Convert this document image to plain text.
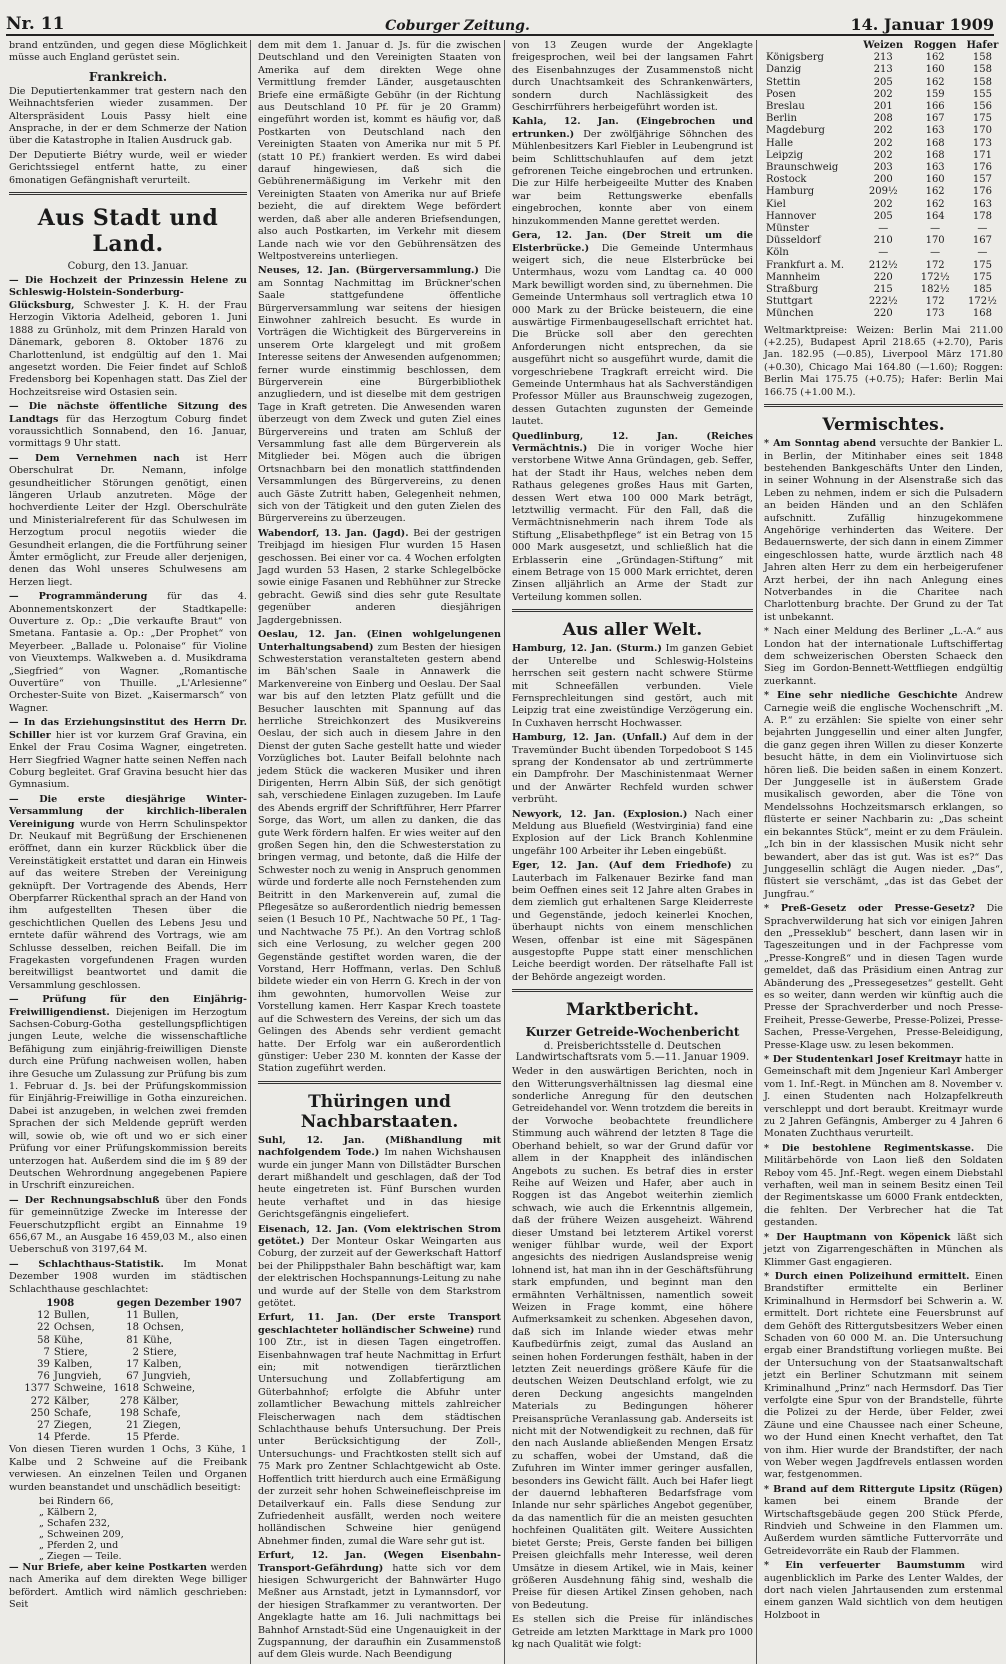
Nr. 11	Coburger Zeitung.	14. Januar 1909

brand entzünden, und gegen diese Möglichkeit müsse auch England gerüstet sein.

Frankreich.

Die Deputiertenkammer trat gestern nach den Weihnachtsferien wieder zusammen. Der Alterspräsident Louis Passy hielt eine Ansprache, in der er dem Schmerze der Nation über die Katastrophe in Italien Ausdruck gab.

Der Deputierte Biétry wurde, weil er wieder Gerichtssiegel entfernt hatte, zu einer 6monatigen Gefängnishaft verurteilt.

Aus Stadt und Land.
Coburg, den 13. Januar.

— Die Hochzeit der Prinzessin Helene zu Schleswig-Holstein-Sonderburg-Glücksburg, Schwester J. K. H. der Frau Herzogin Viktoria Adelheid, geboren 1. Juni 1888 zu Grünholz, mit dem Prinzen Harald von Dänemark, geboren 8. Oktober 1876 zu Charlottenlund, ist endgültig auf den 1. Mai angesetzt worden. Die Feier findet auf Schloß Fredensborg bei Kopenhagen statt. Das Ziel der Hochzeitsreise wird Ostasien sein.

— Die nächste öffentliche Sitzung des Landtags für das Herzogtum Coburg findet voraussichtlich Sonnabend, den 16. Januar, vormittags 9 Uhr statt.

— Dem Vernehmen nach ist Herr Oberschulrat Dr. Nemann, infolge gesundheitlicher Störungen genötigt, einen längeren Urlaub anzutreten. Möge der hochverdiente Leiter der Hzgl. Oberschulräte und Ministerialreferent für das Schulwesen im Herzogtum procul negotiis wieder die Gesundheit erlangen, die die Fortführung seiner Ämter ermöglicht, zur Freude aller derjenigen, denen das Wohl unseres Schulwesens am Herzen liegt.

— Programmänderung für das 4. Abonnementskonzert der Stadtkapelle: Ouverture z. Op.: „Die verkaufte Braut“ von Smetana. Fantasie a. Op.: „Der Prophet“ von Meyerbeer. „Ballade u. Polonaise“ für Violine von Vieuxtemps. Walkweben a. d. Musikdrama „Siegfried“ von Wagner. „Romantische Ouvertüre“ von Thuille. „L'Arlesienne“ Orchester-Suite von Bizet. „Kaisermarsch“ von Wagner.

— In das Erziehungsinstitut des Herrn Dr. Schiller hier ist vor kurzem Graf Gravina, ein Enkel der Frau Cosima Wagner, eingetreten. Herr Siegfried Wagner hatte seinen Neffen nach Coburg begleitet. Graf Gravina besucht hier das Gymnasium.

— Die erste diesjährige Winter-Versammlung der kirchlich-liberalen Vereinigung wurde von Herrn Schulinspektor Dr. Neukauf mit Begrüßung der Erschienenen eröffnet, dann ein kurzer Rückblick über die Vereinstätigkeit erstattet und daran ein Hinweis auf das weitere Streben der Vereinigung geknüpft. Der Vortragende des Abends, Herr Oberpfarrer Rückenthal sprach an der Hand von ihm aufgestellten Thesen über die geschichtlichen Quellen des Lebens Jesu und erntete dafür während des Vortrags, wie am Schlusse desselben, reichen Beifall. Die im Fragekasten vorgefundenen Fragen wurden bereitwilligst beantwortet und damit die Versammlung geschlossen.

— Prüfung für den Einjährig-Freiwilligendienst. Diejenigen im Herzogtum Sachsen-Coburg-Gotha gestellungspflichtigen jungen Leute, welche die wissenschaftliche Befähigung zum einjährig-freiwilligen Dienste durch eine Prüfung nachweisen wollen, haben ihre Gesuche um Zulassung zur Prüfung bis zum 1. Februar d. Js. bei der Prüfungskommission für Einjährig-Freiwillige in Gotha einzureichen. Dabei ist anzugeben, in welchen zwei fremden Sprachen der sich Meldende geprüft werden will, sowie ob, wie oft und wo er sich einer Prüfung vor einer Prüfungskommission bereits unterzogen hat. Außerdem sind die im § 89 der Deutschen Wehrordnung angegebenen Papiere in Urschrift einzureichen.

— Der Rechnungsabschluß über den Fonds für gemeinnützige Zwecke im Interesse der Feuerschutzpflicht ergibt an Einnahme 19 656,67 M., an Ausgabe 16 459,03 M., also einen Ueberschuß von 3197,64 M.

— Schlachthaus-Statistik. Im Monat Dezember 1908 wurden im städtischen Schlachthause geschlachtet:

1908		gegen Dezember 1907	
12	Bullen,	11	Bullen,
22	Ochsen,	18	Ochsen,
58	Kühe,	81	Kühe,
7	Stiere,	2	Stiere,
39	Kalben,	17	Kalben,
76	Jungvieh,	67	Jungvieh,
1377	Schweine,	1618	Schweine,
272	Kälber,	278	Kälber,
250	Schafe,	198	Schafe,
27	Ziegen,	21	Ziegen,
14	Pferde.	15	Pferde.

Von diesen Tieren wurden 1 Ochs, 3 Kühe, 1 Kalbe und 2 Schweine auf die Freibank verwiesen. An einzelnen Teilen und Organen wurden beanstandet und unschädlich beseitigt:

bei Rindern 66,
„ Kälbern 2,
„ Schafen 232,
„ Schweinen 209,
„ Pferden 2, und
„ Ziegen — Teile.

— Nur Briefe, aber keine Postkarten werden nach Amerika auf dem direkten Wege billiger befördert. Amtlich wird nämlich geschrieben: Seit

dem mit dem 1. Januar d. Js. für die zwischen Deutschland und den Vereinigten Staaten von Amerika auf dem direkten Wege ohne Vermittlung fremder Länder, ausgetauschten Briefe eine ermäßigte Gebühr (in der Richtung aus Deutschland 10 Pf. für je 20 Gramm) eingeführt worden ist, kommt es häufig vor, daß Postkarten von Deutschland nach den Vereinigten Staaten von Amerika nur mit 5 Pf. (statt 10 Pf.) frankiert werden. Es wird dabei darauf hingewiesen, daß sich die Gebührenermäßigung im Verkehr mit den Vereinigten Staaten von Amerika nur auf Briefe bezieht, die auf direktem Wege befördert werden, daß aber alle anderen Briefsendungen, also auch Postkarten, im Verkehr mit diesem Lande nach wie vor den Gebührensätzen des Weltpostvereins unterliegen.

Neuses, 12. Jan. (Bürgerversammlung.) Die am Sonntag Nachmittag im Brückner'schen Saale stattgefundene öffentliche Bürgerversammlung war seitens der hiesigen Einwohner zahlreich besucht. Es wurde in Vorträgen die Wichtigkeit des Bürgervereins in unserem Orte klargelegt und mit großem Interesse seitens der Anwesenden aufgenommen; ferner wurde einstimmig beschlossen, dem Bürgerverein eine Bürgerbibliothek anzugliedern, und ist dieselbe mit dem gestrigen Tage in Kraft getreten. Die Anwesenden waren überzeugt von dem Zweck und guten Ziel eines Bürgervereins und traten am Schluß der Versammlung fast alle dem Bürgerverein als Mitglieder bei. Mögen auch die übrigen Ortsnachbarn bei den monatlich stattfindenden Versammlungen des Bürgervereins, zu denen auch Gäste Zutritt haben, Gelegenheit nehmen, sich von der Tätigkeit und den guten Zielen des Bürgervereins zu überzeugen.

Wabendorf, 13. Jan. (Jagd). Bei der gestrigen Treibjagd im hiesigen Flur wurden 15 Hasen geschossen. Bei einer vor ca. 4 Wochen erfolgten Jagd wurden 53 Hasen, 2 starke Schlegelböcke sowie einige Fasanen und Rebhühner zur Strecke gebracht. Gewiß sind dies sehr gute Resultate gegenüber anderen diesjährigen Jagdergebnissen.

Oeslau, 12. Jan. (Einen wohlgelungenen Unterhaltungsabend) zum Besten der hiesigen Schwesterstation veranstalteten gestern abend im Bäh'schen Saale in Annawerk die Markenvereine von Einberg und Oeslau. Der Saal war bis auf den letzten Platz gefüllt und die Besucher lauschten mit Spannung auf das herrliche Streichkonzert des Musikvereins Oeslau, der sich auch in diesem Jahre in den Dienst der guten Sache gestellt hatte und wieder Vorzügliches bot. Lauter Beifall belohnte nach jedem Stück die wackeren Musiker und ihren Dirigenten, Herrn Albin Süß, der sich genötigt sah, verschiedene Einlagen zuzugeben. Im Laufe des Abends ergriff der Schriftführer, Herr Pfarrer Sorge, das Wort, um allen zu danken, die das gute Werk fördern halfen. Er wies weiter auf den großen Segen hin, den die Schwesterstation zu bringen vermag, und betonte, daß die Hilfe der Schwester noch zu wenig in Anspruch genommen würde und forderte alle noch Fernstehenden zum Beitritt in den Markenverein auf, zumal die Pflegesätze so außerordentlich niedrig bemessen seien (1 Besuch 10 Pf., Nachtwache 50 Pf., 1 Tag- und Nachtwache 75 Pf.). An den Vortrag schloß sich eine Verlosung, zu welcher gegen 200 Gegenstände gestiftet worden waren, die der Vorstand, Herr Hoffmann, verlas. Den Schluß bildete wieder ein von Herrn G. Krech in der von ihm gewohnten, humorvollen Weise zur Vorstellung kamen. Herr Kaspar Krech toastete auf die Schwestern des Vereins, der sich um das Gelingen des Abends sehr verdient gemacht hatte. Der Erfolg war ein außerordentlich günstiger: Ueber 230 M. konnten der Kasse der Station zugeführt werden.

Thüringen und Nachbarstaaten.

Suhl, 12. Jan. (Mißhandlung mit nachfolgendem Tode.) Im nahen Wichshausen wurde ein junger Mann von Dillstädter Burschen derart mißhandelt und geschlagen, daß der Tod heute eingetreten ist. Fünf Burschen wurden heute verhaftet und in das hiesige Gerichtsgefängnis eingeliefert.

Eisenach, 12. Jan. (Vom elektrischen Strom getötet.) Der Monteur Oskar Weingarten aus Coburg, der zurzeit auf der Gewerkschaft Hattorf bei der Philippsthaler Bahn beschäftigt war, kam der elektrischen Hochspannungs-Leitung zu nahe und wurde auf der Stelle von dem Starkstrom getötet.

Erfurt, 11. Jan. (Der erste Transport geschlachteter holländischer Schweine) rund 100 Ztr., ist in diesen Tagen eingetroffen. Eisenbahnwagen traf heute Nachmittag in Erfurt ein; mit notwendigen tierärztlichen Untersuchung und Zollabfertigung am Güterbahnhof; erfolgte die Abfuhr unter zollamtlicher Bewachung mittels zahlreicher Fleischerwagen nach dem städtischen Schlachthause behufs Untersuchung. Der Preis unter Berücksichtigung der Zoll-, Untersuchungs- und Frachtkosten stellt sich auf 75 Mark pro Zentner Schlachtgewicht ab Oste. Hoffentlich tritt hierdurch auch eine Ermäßigung der zurzeit sehr hohen Schweinefleischpreise im Detailverkauf ein. Falls diese Sendung zur Zufriedenheit ausfällt, werden noch weitere holländischen Schweine hier genügend Abnehmer finden, zumal die Ware sehr gut ist.

Erfurt, 12. Jan. (Wegen Eisenbahn-Transport-Gefährdung) hatte sich vor dem hiesigen Schwurgericht der Bahnwärter Hugo Meßner aus Arnstadt, jetzt in Lymannsdorf, vor der hiesigen Strafkammer zu verantworten. Der Angeklagte hatte am 16. Juli nachmittags bei Bahnhof Arnstadt-Süd eine Ungenauigkeit in der Zugspannung, der daraufhin ein Zusammenstoß auf dem Gleis wurde. Nach Beendigung

von 13 Zeugen wurde der Angeklagte freigesprochen, weil bei der langsamen Fahrt des Eisenbahnzuges der Zusammenstoß nicht durch Unachtsamkeit des Schrankenwärters, sondern durch Nachlässigkeit des Geschirrführers herbeigeführt worden ist.

Kahla, 12. Jan. (Eingebrochen und ertrunken.) Der zwölfjährige Söhnchen des Mühlenbesitzers Karl Fiebler in Leubengrund ist beim Schlittschuhlaufen auf dem jetzt gefrorenen Teiche eingebrochen und ertrunken. Die zur Hilfe herbeigeeilte Mutter des Knaben war beim Rettungswerke ebenfalls eingebrochen, konnte aber von einem hinzukommenden Manne gerettet werden.

Gera, 12. Jan. (Der Streit um die Elsterbrücke.) Die Gemeinde Untermhaus weigert sich, die neue Elsterbrücke bei Untermhaus, wozu vom Landtag ca. 40 000 Mark bewilligt worden sind, zu übernehmen. Die Gemeinde Untermhaus soll vertraglich etwa 10 000 Mark zu der Brücke beisteuern, die eine auswärtige Firmenbaugesellschaft errichtet hat. Die Brücke soll aber den gerechten Anforderungen nicht entsprechen, da sie ausgeführt nicht so ausgeführt wurde, damit die vorgeschriebene Tragkraft erreicht wird. Die Gemeinde Untermhaus hat als Sachverständigen Professor Müller aus Braunschweig zugezogen, dessen Gutachten zugunsten der Gemeinde lautet.

Quedlinburg, 12. Jan. (Reiches Vermächtnis.) Die in voriger Woche hier verstorbene Witwe Anna Gründagen, geb. Seffer, hat der Stadt ihr Haus, welches neben dem Rathaus gelegenes großes Haus mit Garten, dessen Wert etwa 100 000 Mark beträgt, letztwillig vermacht. Für den Fall, daß die Vermächtnisnehmerin nach ihrem Tode als Stiftung „Elisabethpflege“ ist ein Betrag von 15 000 Mark ausgesetzt, und schließlich hat die Erblasserin eine „Gründagen-Stiftung“ mit einem Betrage von 15 000 Mark errichtet, deren Zinsen alljährlich an Arme der Stadt zur Verteilung kommen sollen.

Aus aller Welt.

Hamburg, 12. Jan. (Sturm.) Im ganzen Gebiet der Unterelbe und Schleswig-Holsteins herrschen seit gestern nacht schwere Stürme mit Schneefällen verbunden. Viele Fernsprechleitungen sind gestört, auch mit Leipzig trat eine zweistündige Verzögerung ein. In Cuxhaven herrscht Hochwasser.

Hamburg, 12. Jan. (Unfall.) Auf dem in der Travemünder Bucht übenden Torpedoboot S 145 sprang der Kondensator ab und zertrümmerte ein Dampfrohr. Der Maschinistenmaat Werner und der Anwärter Rechfeld wurden schwer verbrüht.

Newyork, 12. Jan. (Explosion.) Nach einer Meldung aus Bluefield (Westvirginia) fand eine Explosion auf der Lick Branch Kohlenmine ungefähr 100 Arbeiter ihr Leben eingebüßt.

Eger, 12. Jan. (Auf dem Friedhofe) zu Lauterbach im Falkenauer Bezirke fand man beim Oeffnen eines seit 12 Jahre alten Grabes in dem ziemlich gut erhaltenen Sarge Kleiderreste und Gegenstände, jedoch keinerlei Knochen, überhaupt nichts von einem menschlichen Wesen, offenbar ist eine mit Sägespänen ausgestopfte Puppe statt einer menschlichen Leiche beerdigt worden. Der rätselhafte Fall ist der Behörde angezeigt worden.

Marktbericht.
Kurzer Getreide-Wochenbericht
d. Preisberichtsstelle d. Deutschen Landwirtschaftsrats vom 5.—11. Januar 1909.

Weder in den auswärtigen Berichten, noch in den Witterungsverhältnissen lag diesmal eine sonderliche Anregung für den deutschen Getreidehandel vor. Wenn trotzdem die bereits in der Vorwoche beobachtete freundlichere Stimmung auch während der letzten 8 Tage die Oberhand behielt, so war der Grund dafür vor allem in der Knappheit des inländischen Angebots zu suchen. Es betraf dies in erster Reihe auf Weizen und Hafer, aber auch in Roggen ist das Angebot weiterhin ziemlich schwach, wie auch die Erkenntnis allgemein, daß der frühere Weizen ausgeheizt. Während dieser Umstand bei letzterem Artikel vorerst weniger fühlbar wurde, weil der Export angesichts des niedrigen Auslandspreise wenig lohnend ist, hat man ihn in der Geschäftsführung stark empfunden, und beginnt man den ermähnten Verhältnissen, namentlich soweit Weizen in Frage kommt, eine höhere Aufmerksamkeit zu schenken. Abgesehen davon, daß sich im Inlande wieder etwas mehr Kaufbedürfnis zeigt, zumal das Ausland an seinen hohen Forderungen festhält, haben in der letzten Zeit neuerdings größere Käufe für die deutschen Weizen Deutschland erfolgt, wie zu deren Deckung angesichts mangelnden Materials zu Bedingungen höherer Preisansprüche Veranlassung gab. Anderseits ist nicht mit der Notwendigkeit zu rechnen, daß für den nach Auslande abließenden Mengen Ersatz zu schaffen, wobei der Umstand, daß die Zufuhren im Winter immer geringer ausfallen, besonders ins Gewicht fällt. Auch bei Hafer liegt der dauernd lebhafteren Bedarfsfrage vom Inlande nur sehr spärliches Angebot gegenüber, da das namentlich für die an meisten gesuchten hochfeinen Qualitäten gilt. Weitere Aussichten bietet Gerste; Preis, Gerste fanden bei billigen Preisen gleichfalls mehr Interesse, weil deren Umsätze in diesem Artikel, wie in Mais, keiner größeren Ausdehnung fähig sind, weshalb die Preise für diesen Artikel Zinsen gehoben, nach von Bedeutung.

Es stellen sich die Preise für inländisches Getreide am letzten Markttage in Mark pro 1000 kg nach Qualität wie folgt:

	Weizen	Roggen	Hafer
Königsberg	213	162	158
Danzig	213	160	158
Stettin	205	162	158
Posen	202	159	155
Breslau	201	166	156
Berlin	208	167	175
Magdeburg	202	163	170
Halle	202	168	173
Leipzig	202	168	171
Braunschweig	203	163	176
Rostock	200	160	157
Hamburg	209½	162	176
Kiel	202	162	163
Hannover	205	164	178
Münster	—	—	—
Düsseldorf	210	170	167
Köln	—	—	—
Frankfurt a. M.	212½	172	175
Mannheim	220	172½	175
Straßburg	215	182½	185
Stuttgart	222½	172	172½
München	220	173	168

Weltmarktpreise: Weizen: Berlin Mai 211.00 (+2.25), Budapest April 218.65 (+2.70), Paris Jan. 182.95 (—0.85), Liverpool März 171.80 (+0.30), Chicago Mai 164.80 (—1.60); Roggen: Berlin Mai 175.75 (+0.75); Hafer: Berlin Mai 166.75 (+1.00 M.).

Vermischtes.

* Am Sonntag abend versuchte der Bankier L. in Berlin, der Mitinhaber eines seit 1848 bestehenden Bankgeschäfts Unter den Linden, in seiner Wohnung in der Alsenstraße sich das Leben zu nehmen, indem er sich die Pulsadern an beiden Händen und an den Schläfen aufschnitt. Zufällig hinzugekommene Angehörige verhinderten das Weitere. Der Bedauernswerte, der sich dann in einem Zimmer eingeschlossen hatte, wurde ärztlich nach 48 Jahren alten Herr zu dem ein herbeigerufener Arzt herbei, der ihn nach Anlegung eines Notverbandes in die Charitee nach Charlottenburg brachte. Der Grund zu der Tat ist unbekannt.

* Nach einer Meldung des Berliner „L.-A.“ aus London hat der internationale Luftschiffertag dem schweizerischen Obersten Schaeck den Sieg im Gordon-Bennett-Wettfliegen endgültig zuerkannt.

* Eine sehr niedliche Geschichte Andrew Carnegie weiß die englische Wochenschrift „M. A. P.“ zu erzählen: Sie spielte von einer sehr bejahrten Junggesellin und einer alten Jungfer, die ganz gegen ihren Willen zu dieser Konzerte besucht hätte, in dem ein Violinvirtuose sich hören ließ. Die beiden saßen in einem Konzert. Der Junggeselle ist in äußerstem Grade musikalisch geworden, aber die Töne von Mendelssohns Hochzeitsmarsch erklangen, so flüsterte er seiner Nachbarin zu: „Das scheint ein bekanntes Stück“, meint er zu dem Fräulein. „Ich bin in der klassischen Musik nicht sehr bewandert, aber das ist gut. Was ist es?“ Das Junggesellin schlägt die Augen nieder. „Das“, flüstert sie verschämt, „das ist das Gebet der Jungfrau.“

* Preß-Gesetz oder Presse-Gesetz? Die Sprachverwilderung hat sich vor einigen Jahren den „Presseklub“ beschert, dann lasen wir in Tageszeitungen und in der Fachpresse vom „Presse-Kongreß“ und in diesen Tagen wurde gemeldet, daß das Präsidium einen Antrag zur Abänderung des „Pressegesetzes“ gestellt. Geht es so weiter, dann werden wir künftig auch die Presse der Sprachverderber und noch Presse-Freiheit, Presse-Gewerbe, Presse-Polizei, Presse-Sachen, Presse-Vergehen, Presse-Beleidigung, Presse-Klage usw. zu lesen bekommen.

* Der Studentenkarl Josef Kreitmayr hatte in Gemeinschaft mit dem Jngenieur Karl Amberger vom 1. Inf.-Regt. in München am 8. November v. J. einen Studenten nach Holzapfelkreuth verschleppt und dort beraubt. Kreitmayr wurde zu 2 Jahren Gefängnis, Amberger zu 4 Jahren 6 Monaten Zuchthaus verurteilt.

* Die bestohlene Regimentskasse. Die Militärbehörde von Laon ließ den Soldaten Reboy vom 45. Jnf.-Regt. wegen einem Diebstahl verhaften, weil man in seinem Besitz einen Teil der Regimentskasse um 6000 Frank entdeckten, die fehlten. Der Verbrecher hat die Tat gestanden.

* Der Hauptmann von Köpenick läßt sich jetzt von Zigarrengeschäften in München als Klimmer Gast engagieren.

* Durch einen Polizeihund ermittelt. Einen Brandstifter ermittelte ein Berliner Kriminalhund in Hermsdorf bei Schwerin a. W. ermittelt. Dort richtete eine Feuersbrunst auf dem Gehöft des Rittergutsbesitzers Weber einen Schaden von 60 000 M. an. Die Untersuchung ergab einer Brandstiftung vorliegen mußte. Bei der Untersuchung von der Staatsanwaltschaft jetzt ein Berliner Schutzmann mit seinem Kriminalhund „Prinz“ nach Hermsdorf. Das Tier verfolgte eine Spur von der Brandstelle, führte die Polizei zu der Herde, über Felder, zwei Zäune und eine Chaussee nach einer Scheune, wo der Hund einen Knecht verhaftet, den Tat von ihm. Hier wurde der Brandstifter, der nach von Weber wegen Jagdfrevels entlassen worden war, festgenommen.

* Brand auf dem Rittergute Lipsitz (Rügen) kamen bei einem Brande der Wirtschaftsgebäude gegen 200 Stück Pferde, Rindvieh und Schweine in den Flammen um. Außerdem wurden sämtliche Futtervorräte und Getreidevorräte ein Raub der Flammen.

* Ein verfeuerter Baumstumm wird augenblicklich im Parke des Lenter Waldes, der dort nach vielen Jahrtausenden zum erstenmal einem ganzen Wald sichtlich von dem heutigen Holzboot in
